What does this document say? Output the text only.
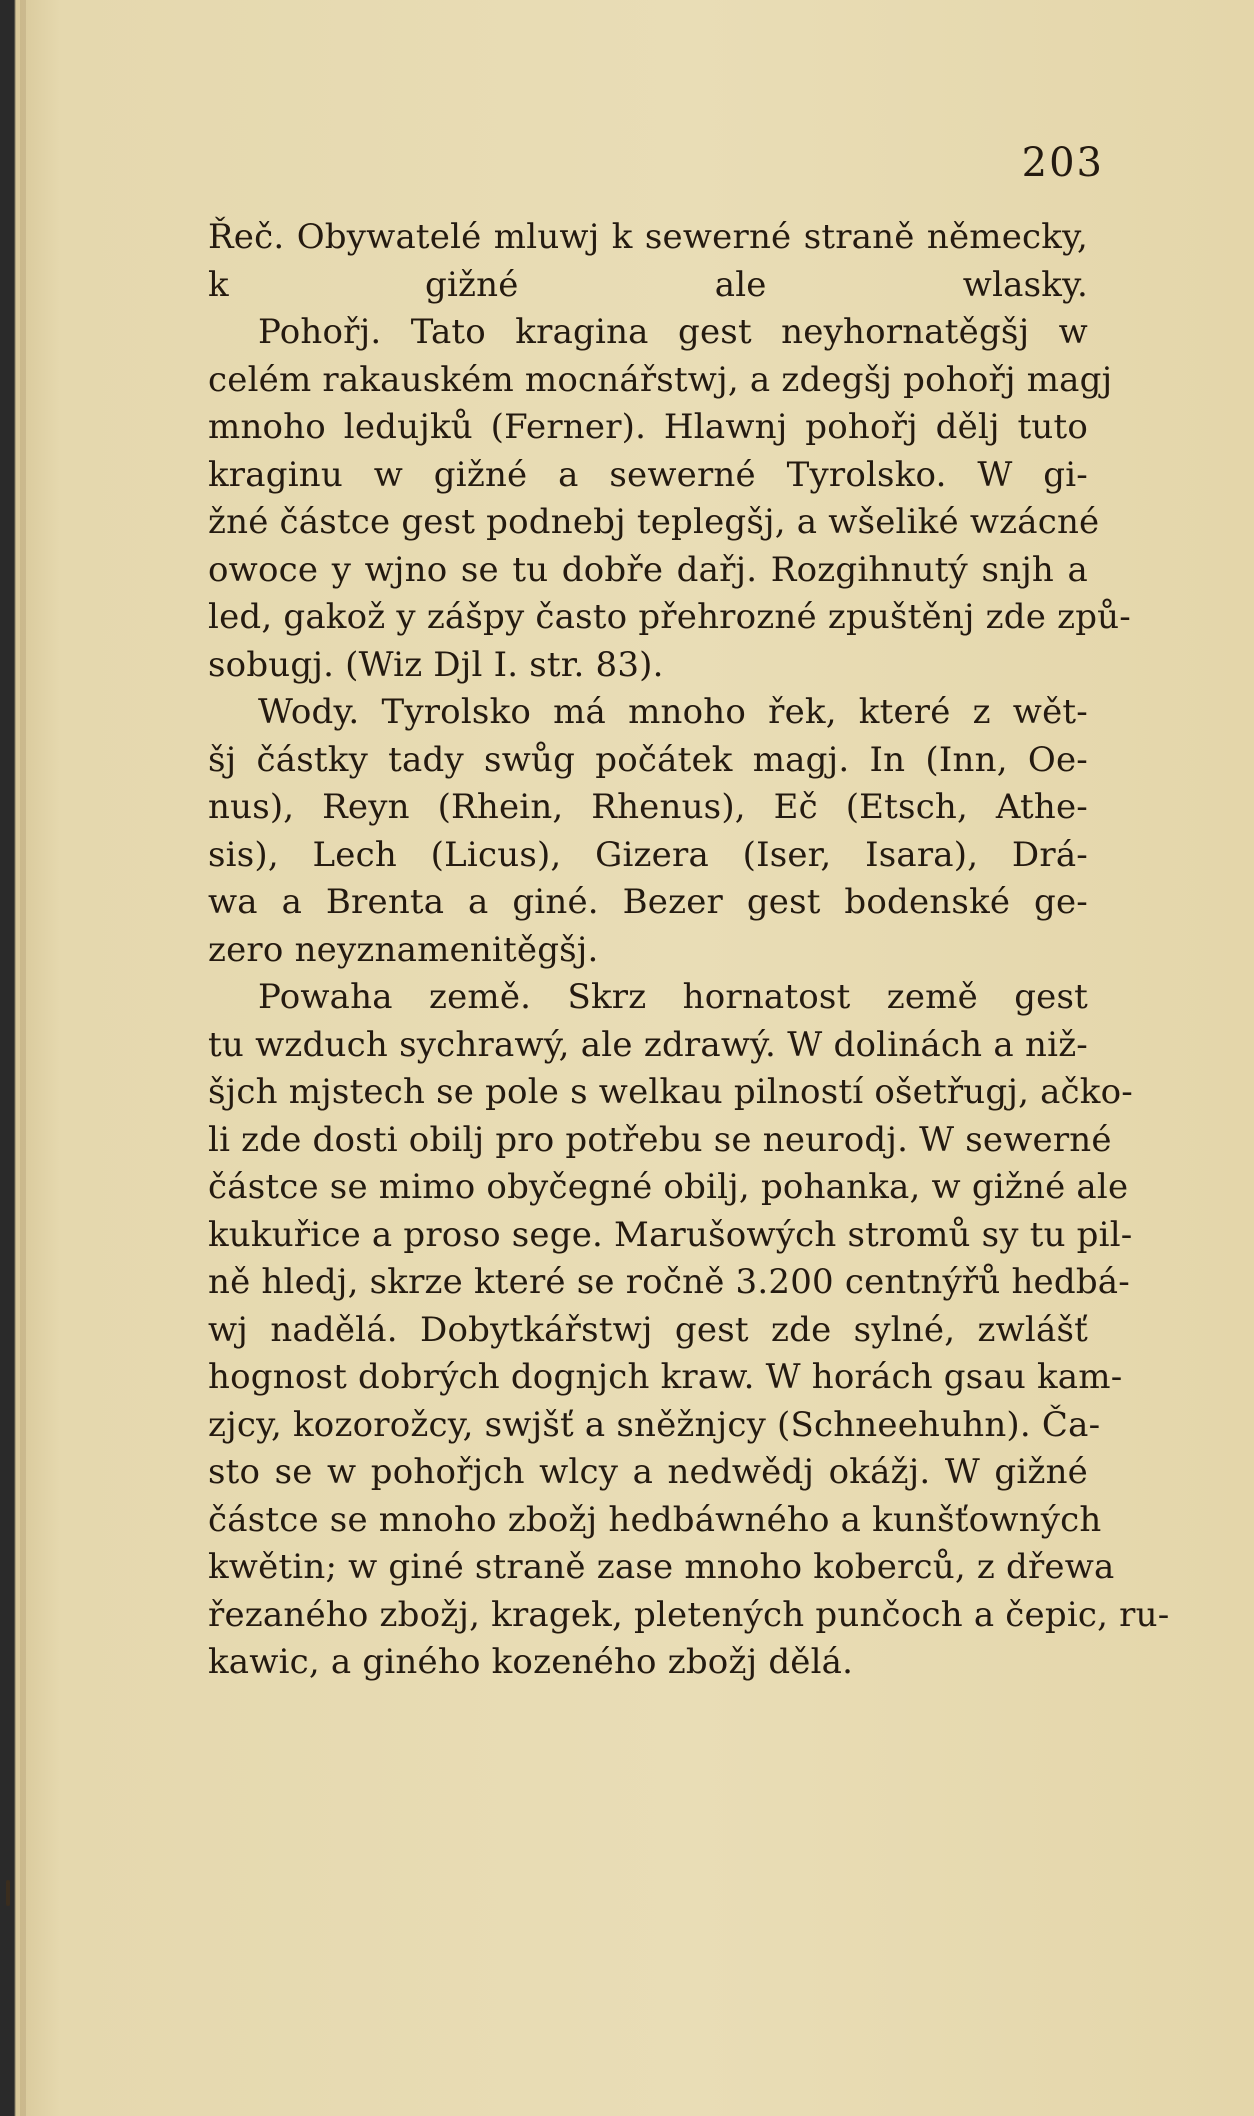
203
Řeč. Obywatelé mluwj k sewerné straně německy, k gižné ale wlasky.
Pohořj. Tato kragina gest neyhornatěgšj w
celém rakauském mocnářstwj, a zdegšj pohořj magj
mnoho ledujků (Ferner). Hlawnj pohořj dělj tuto
kraginu w gižné a sewerné Tyrolsko. W gi-
žné částce gest podnebj teplegšj, a wšeliké wzácné
owoce y wjno se tu dobře dařj. Rozgihnutý snjh a
led, gakož y zášpy často přehrozné zpuštěnj zde způ-
sobugj. (Wiz Djl I. str. 83).
Wody. Tyrolsko má mnoho řek, které z wět-
šj částky tady swůg počátek magj. In (Inn, Oe-
nus), Reyn (Rhein, Rhenus), Eč (Etsch, Athe-
sis), Lech (Licus), Gizera (Iser, Isara), Drá-
wa a Brenta a giné. Bezer gest bodenské ge-
zero neyznamenitěgšj.
Powaha země. Skrz hornatost země gest
tu wzduch sychrawý, ale zdrawý. W dolinách a niž-
šjch mjstech se pole s welkau pilností ošetřugj, ačko-
li zde dosti obilj pro potřebu se neurodj. W sewerné
částce se mimo obyčegné obilj, pohanka, w gižné ale
kukuřice a proso sege. Marušowých stromů sy tu pil-
ně hledj, skrze které se ročně 3.200 centnýřů hedbá-
wj nadělá. Dobytkářstwj gest zde sylné, zwlášť
hognost dobrých dognjch kraw. W horách gsau kam-
zjcy, kozorožcy, swjšť a sněžnjcy (Schneehuhn). Ča-
sto se w pohořjch wlcy a nedwědj okážj. W gižné
částce se mnoho zbožj hedbáwného a kunšťowných
kwětin; w giné straně zase mnoho koberců, z dřewa
řezaného zbožj, kragek, pletených punčoch a čepic, ru-
kawic, a giného kozeného zbožj dělá.
